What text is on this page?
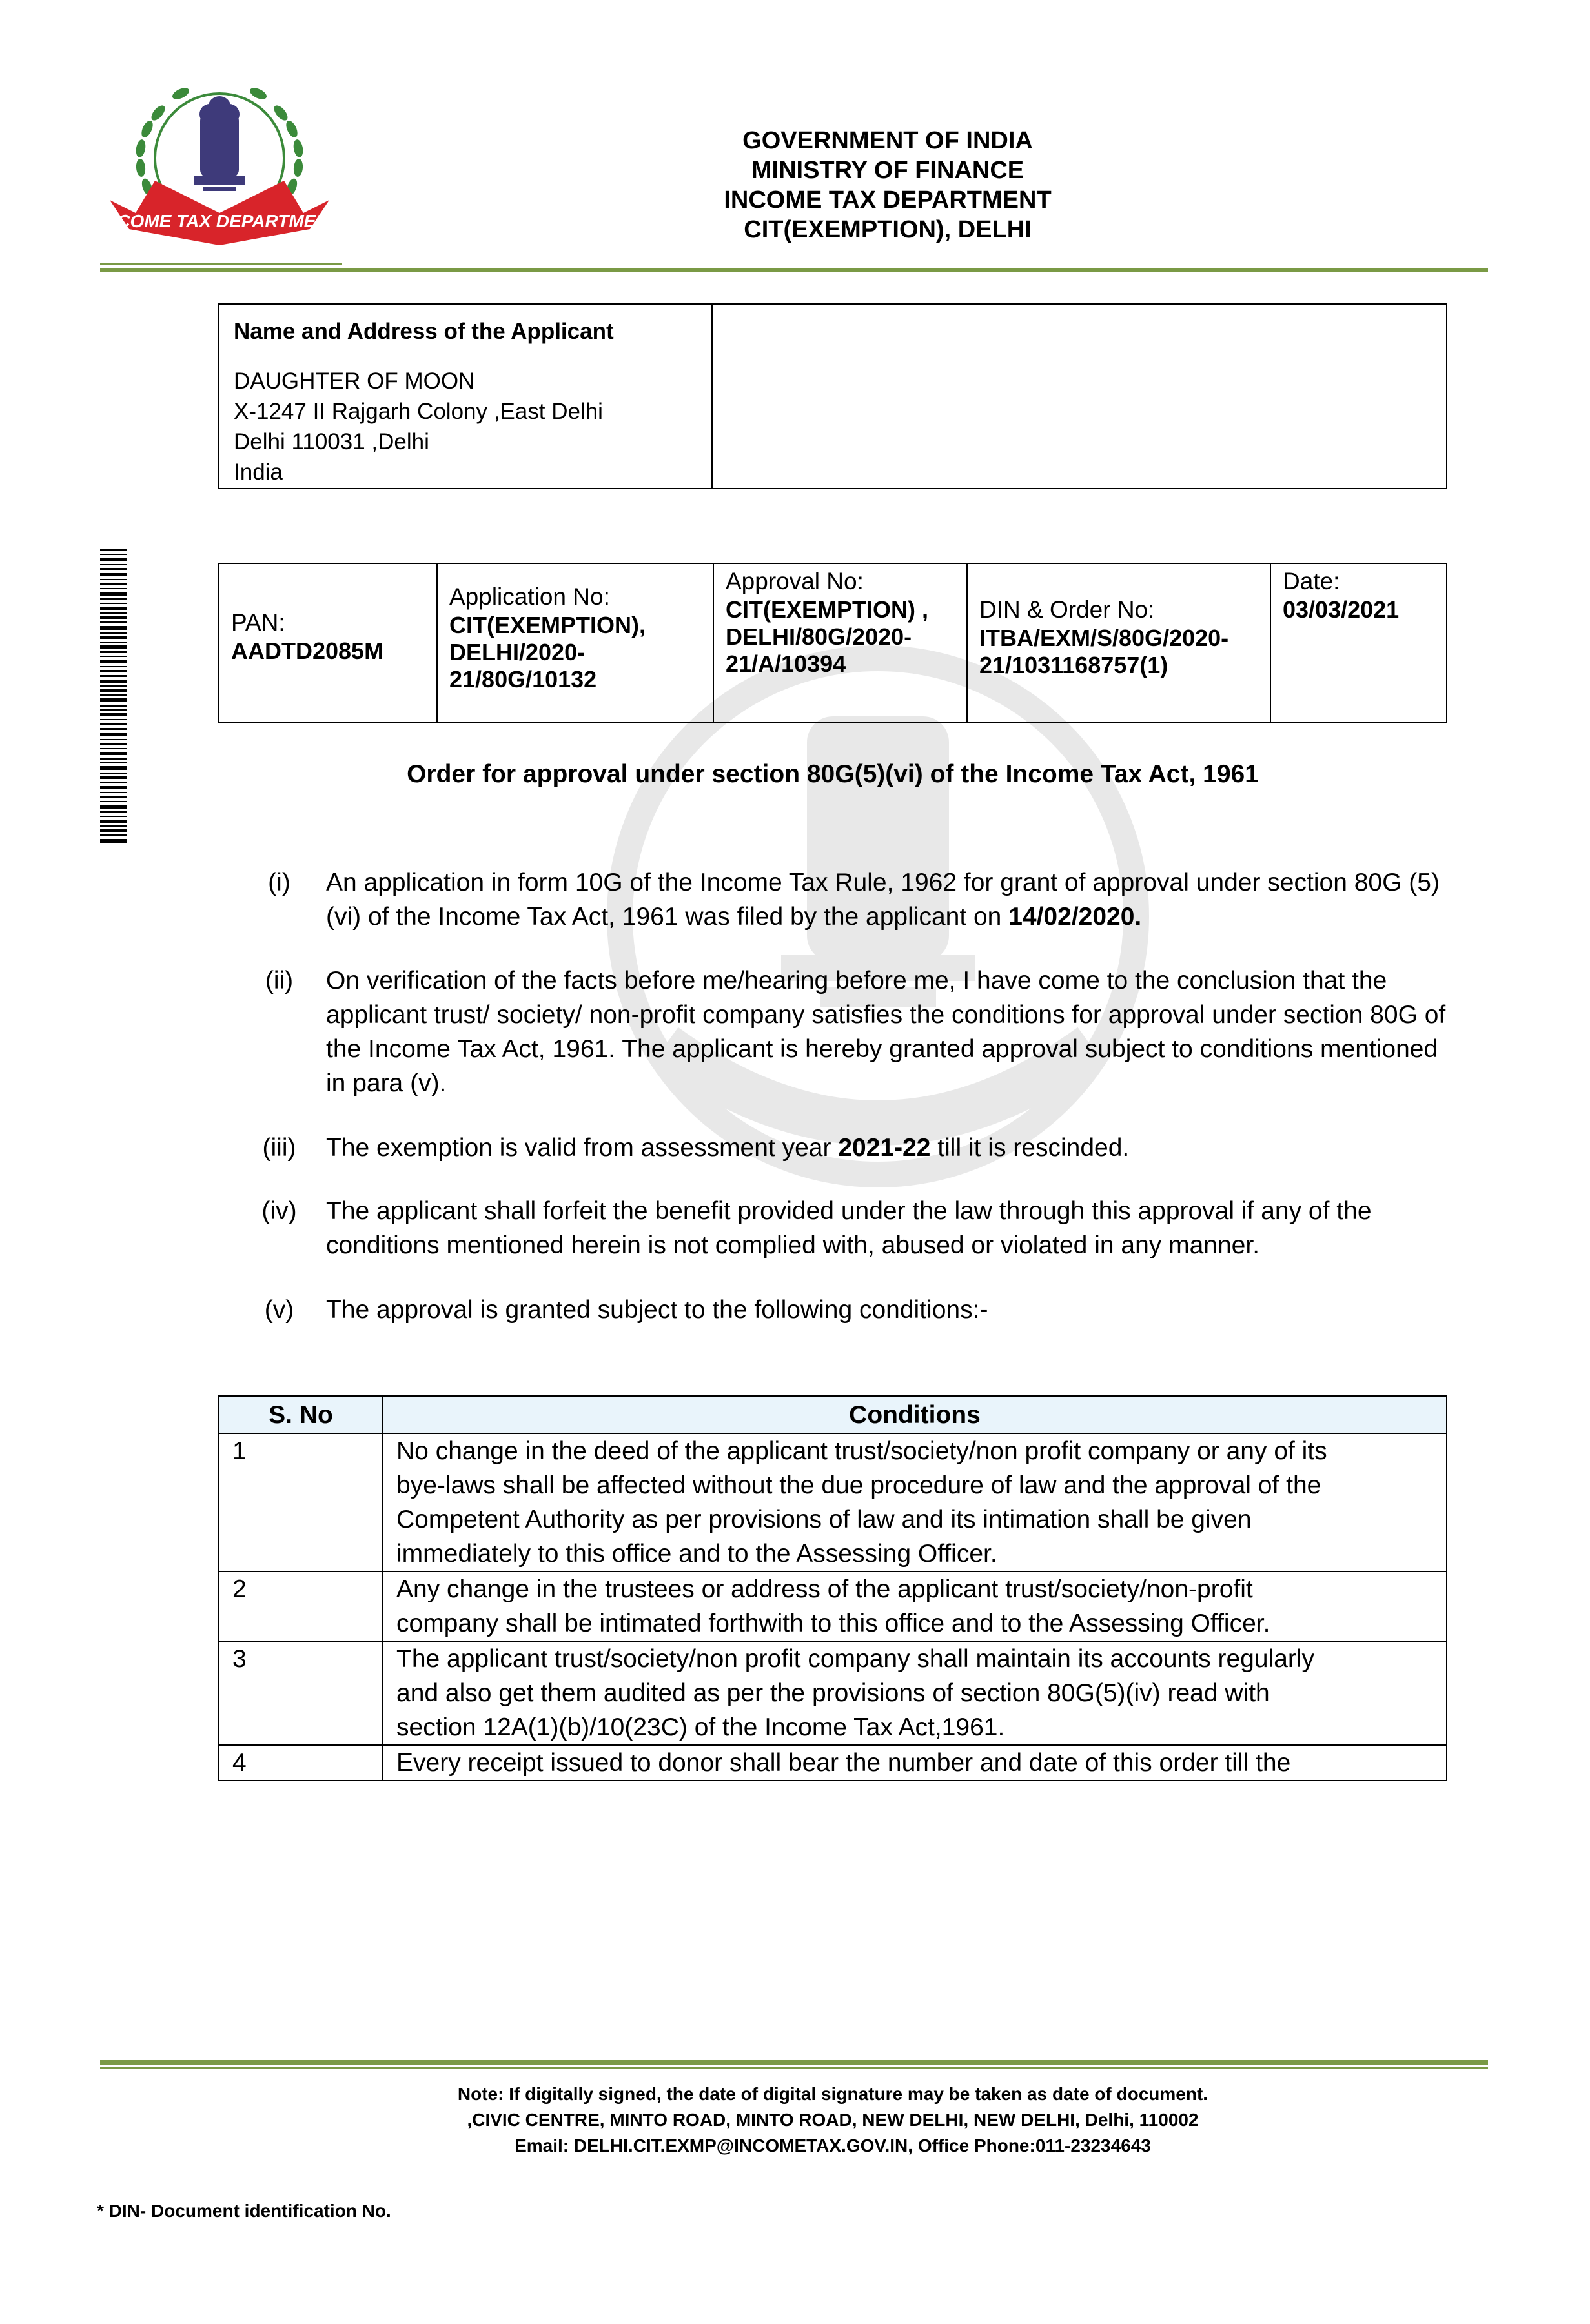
INCOME TAX DEPARTMENT
GOVERNMENT OF INDIA
MINISTRY OF FINANCE
INCOME TAX DEPARTMENT
CIT(EXEMPTION), DELHI
Name and Address of the Applicant
DAUGHTER OF MOON
X-1247 II Rajgarh Colony ,East Delhi
Delhi 110031 ,Delhi
India
PAN:
AADTD2085M
Application No:
CIT(EXEMPTION), DELHI/2020-21/80G/10132
Approval No:
CIT(EXEMPTION) , DELHI/80G/2020-21/A/10394
DIN & Order No:
ITBA/EXM/S/80G/2020-21/1031168757(1)
Date:
03/03/2021
Order for approval under section 80G(5)(vi) of the Income Tax Act, 1961
(i)	An application in form 10G of the Income Tax Rule, 1962 for grant of approval under section 80G (5)(vi) of the Income Tax Act, 1961 was filed by the applicant on 14/02/2020.
(ii)	On verification of the facts before me/hearing before me, I have come to the conclusion that the applicant trust/ society/ non-profit company satisfies the conditions for approval under section 80G of the Income Tax Act, 1961. The applicant is hereby granted approval subject to conditions mentioned in para (v).
(iii)	The exemption is valid from assessment year 2021-22 till it is rescinded.
(iv)	The applicant shall forfeit the benefit provided under the law through this approval if any of the conditions mentioned herein is not complied with, abused or violated in any manner.
(v)	The approval is granted subject to the following conditions:-
S. No	Conditions
1	No change in the deed of the applicant trust/society/non profit company or any of its bye-laws shall be affected without the due procedure of law and the approval of the Competent Authority as per provisions of law and its intimation shall be given immediately to this office and to the Assessing Officer.
2	Any change in the trustees or address of the applicant trust/society/non-profit company shall be intimated forthwith to this office and to the Assessing Officer.
3	The applicant trust/society/non profit company shall maintain its accounts regularly and also get them audited as per the provisions of section 80G(5)(iv) read with section 12A(1)(b)/10(23C) of the Income Tax Act,1961.
4	Every receipt issued to donor shall bear the number and date of this order till the
Note: If digitally signed, the date of digital signature may be taken as date of document.
,CIVIC CENTRE, MINTO ROAD, MINTO ROAD, NEW DELHI, NEW DELHI, Delhi, 110002
Email: DELHI.CIT.EXMP@INCOMETAX.GOV.IN, Office Phone:011-23234643
* DIN- Document identification No.
